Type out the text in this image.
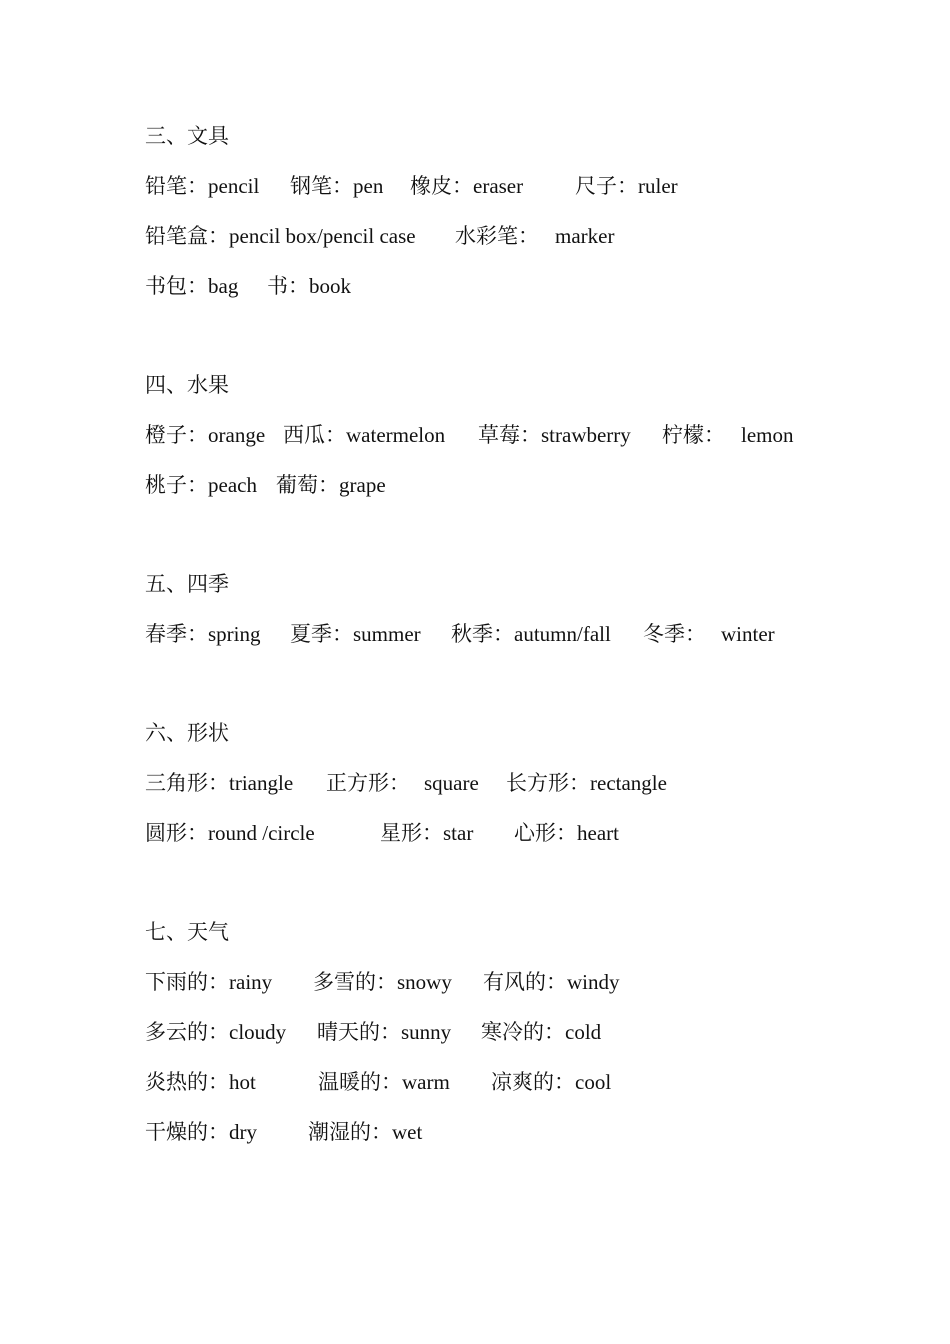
三、文具
铅笔：pencil 钢笔：pen 橡皮：eraser 尺子：ruler
铅笔盒：pencil box/pencil case 水彩笔： marker
书包：bag 书：book
四、水果
橙子：orange 西瓜：watermelon 草莓：strawberry 柠檬： lemon
桃子：peach 葡萄：grape
五、四季
春季：spring 夏季：summer 秋季：autumn/fall 冬季： winter
六、形状
三角形：triangle 正方形： square 长方形：rectangle
圆形：round /circle	星形：star 心形：heart
七、天气
下雨的：rainy 多雪的：snowy 有风的：windy
多云的：cloudy 晴天的：sunny 寒冷的：cold
炎热的：hot	温暖的：warm 凉爽的：cool
干燥的：dry 潮湿的：wet
